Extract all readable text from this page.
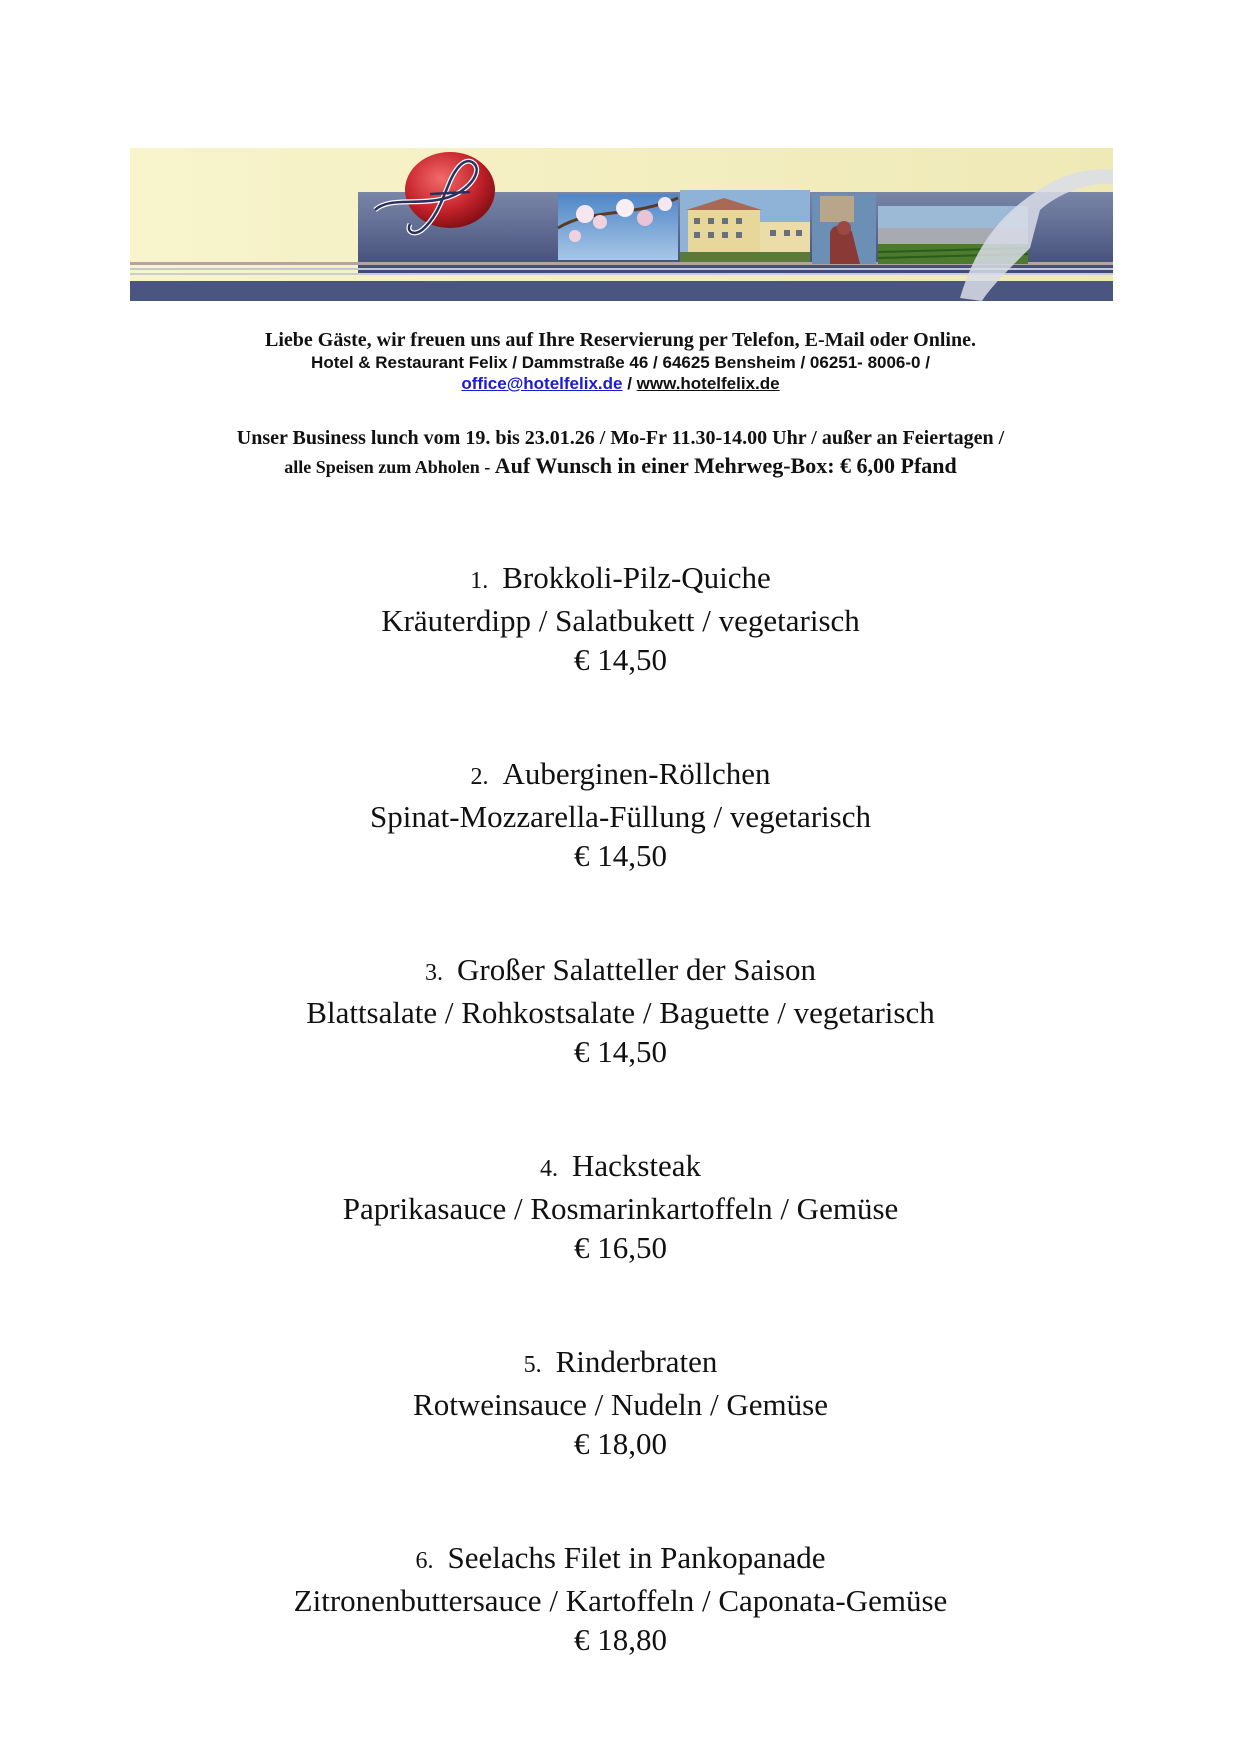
Liebe Gäste, wir freuen uns auf Ihre Reservierung per Telefon, E-Mail oder Online.
Hotel & Restaurant Felix / Dammstraße 46 / 64625 Bensheim / 06251- 8006-0 /
office@hotelfelix.de / www.hotelfelix.de
Unser Business lunch vom 19. bis 23.01.26 / Mo-Fr 11.30-14.00 Uhr / außer an Feiertagen /
alle Speisen zum Abholen - Auf Wunsch in einer Mehrweg-Box: € 6,00 Pfand
1. Brokkoli-Pilz-Quiche
Kräuterdipp / Salatbukett / vegetarisch
€ 14,50
2. Auberginen-Röllchen
Spinat-Mozzarella-Füllung / vegetarisch
€ 14,50
3. Großer Salatteller der Saison
Blattsalate / Rohkostsalate / Baguette / vegetarisch
€ 14,50
4. Hacksteak
Paprikasauce / Rosmarinkartoffeln / Gemüse
€ 16,50
5. Rinderbraten
Rotweinsauce / Nudeln / Gemüse
€ 18,00
6. Seelachs Filet in Pankopanade
Zitronenbuttersauce / Kartoffeln / Caponata-Gemüse
€ 18,80
